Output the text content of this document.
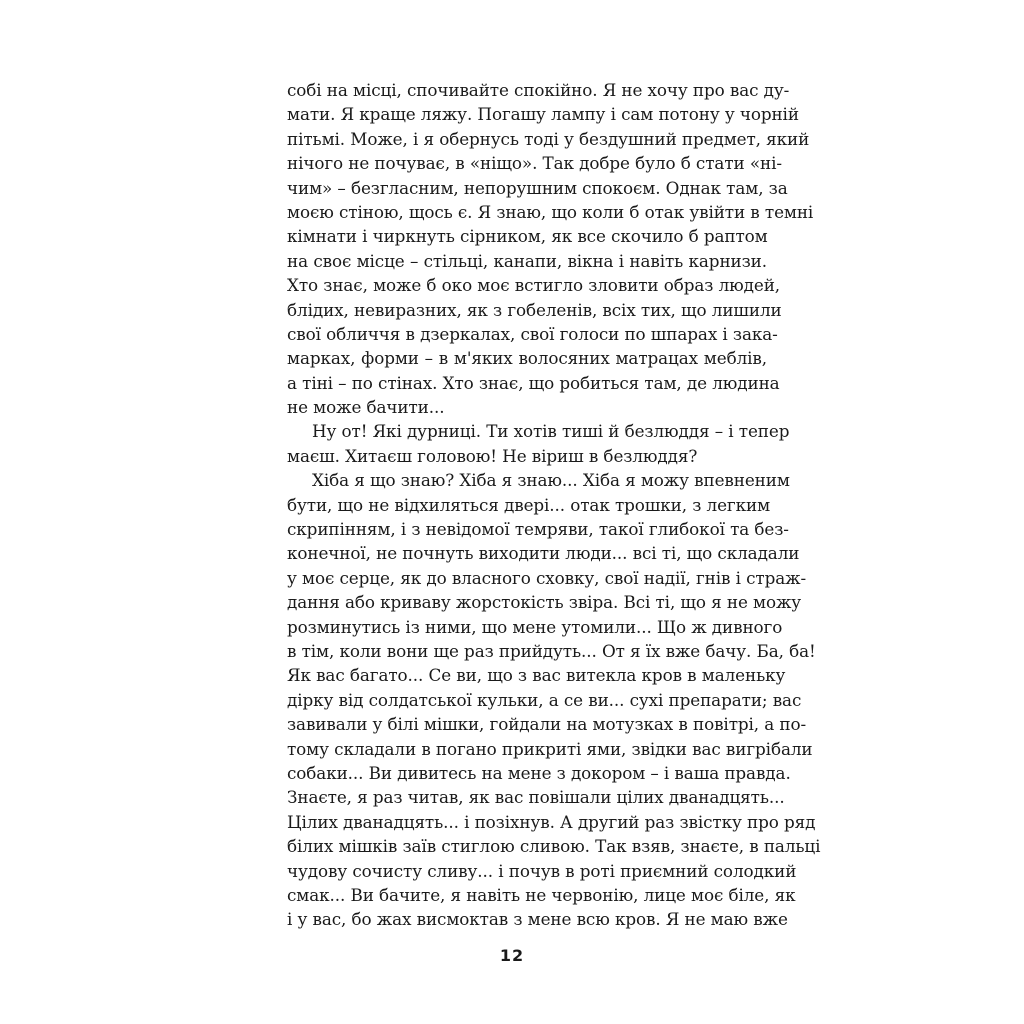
собі на місці, спочивайте спокійно. Я не хочу про вас ду-
мати. Я краще ляжу. Погашу лампу і сам потону у чорній
пітьмі. Може, і я обернусь тоді у бездушний предмет, який
нічого не почуває, в «ніщо». Так добре було б стати «ні-
чим» – безгласним, непорушним спокоєм. Однак там, за
моєю стіною, щось є. Я знаю, що коли б отак увійти в темні
кімнати і чиркнуть сірником, як все скочило б раптом
на своє місце – стільці, канапи, вікна і навіть карнизи.
Хто знає, може б око моє встигло зловити образ людей,
блідих, невиразних, як з гобеленів, всіх тих, що лишили
свої обличчя в дзеркалах, свої голоси по шпарах і зака-
марках, форми – в м'яких волосяних матрацах меблів,
а тіні – по стінах. Хто знає, що робиться там, де людина
не може бачити...
Ну от! Які дурниці. Ти хотів тиші й безлюддя – і тепер
маєш. Хитаєш головою! Не віриш в безлюддя?
Хіба я що знаю? Хіба я знаю... Хіба я можу впевненим
бути, що не відхиляться двері... отак трошки, з легким
скрипінням, і з невідомої темряви, такої глибокої та без-
конечної, не почнуть виходити люди... всі ті, що складали
у моє серце, як до власного сховку, свої надії, гнів і страж-
дання або криваву жорстокість звіра. Всі ті, що я не можу
розминутись із ними, що мене утомили... Що ж дивного
в тім, коли вони ще раз прийдуть... От я їх вже бачу. Ба, ба!
Як вас багато... Се ви, що з вас витекла кров в маленьку
дірку від солдатської кульки, а се ви... сухі препарати; вас
завивали у білі мішки, гойдали на мотузках в повітрі, а по-
тому складали в погано прикриті ями, звідки вас вигрібали
собаки... Ви дивитесь на мене з докором – і ваша правда.
Знаєте, я раз читав, як вас повішали цілих дванадцять...
Цілих дванадцять... і позіхнув. А другий раз звістку про ряд
білих мішків заїв стиглою сливою. Так взяв, знаєте, в пальці
чудову сочисту сливу... і почув в роті приємний солодкий
смак... Ви бачите, я навіть не червонію, лице моє біле, як
і у вас, бо жах висмоктав з мене всю кров. Я не маю вже
12
